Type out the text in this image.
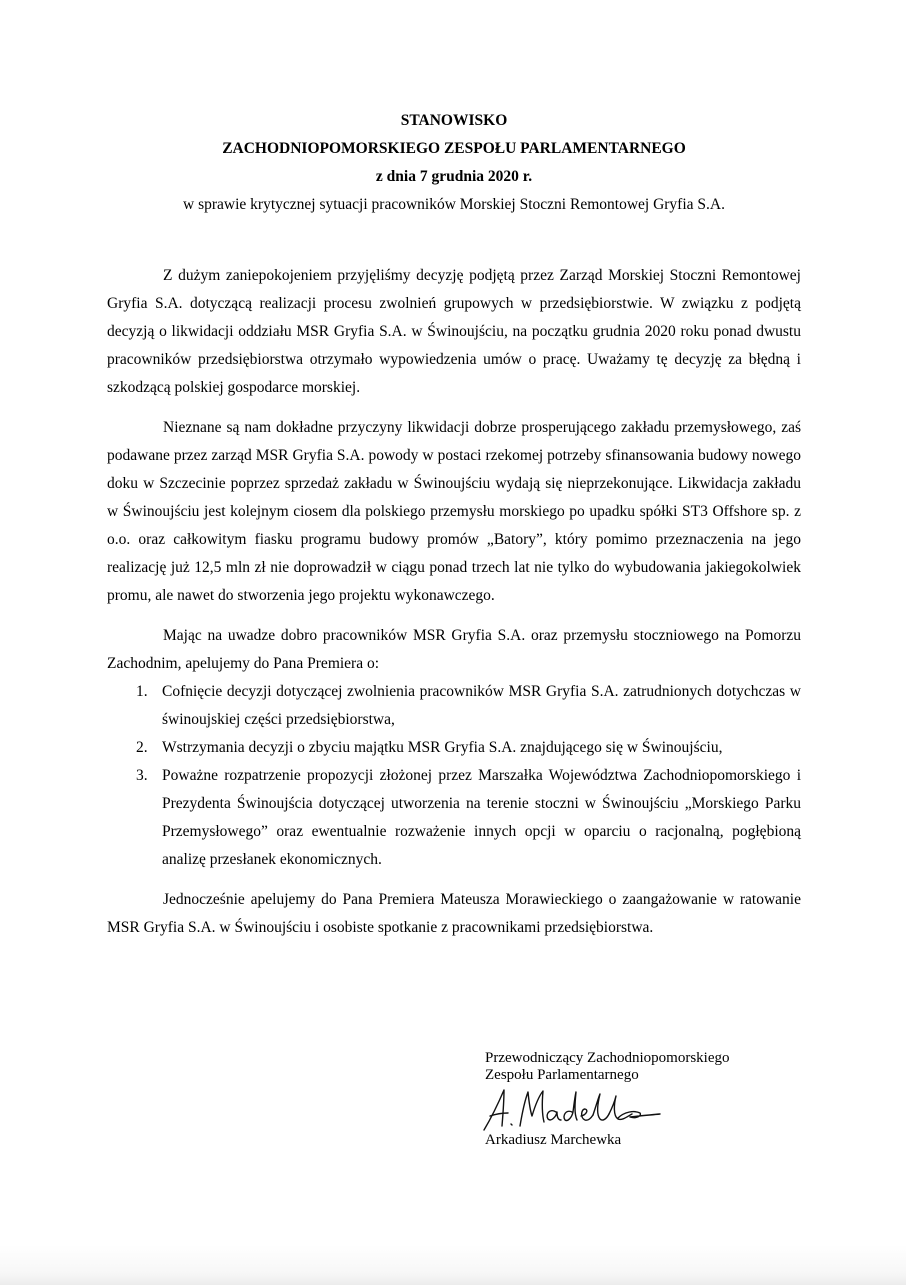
STANOWISKO
ZACHODNIOPOMORSKIEGO ZESPOŁU PARLAMENTARNEGO
z dnia 7 grudnia 2020 r.
w sprawie krytycznej sytuacji pracowników Morskiej Stoczni Remontowej Gryfia S.A.

Z dużym zaniepokojeniem przyjęliśmy decyzję podjętą przez Zarząd Morskiej Stoczni Remontowej Gryfia S.A. dotyczącą realizacji procesu zwolnień grupowych w przedsiębiorstwie. W związku z podjętą decyzją o likwidacji oddziału MSR Gryfia S.A. w Świnoujściu, na początku grudnia 2020 roku ponad dwustu pracowników przedsiębiorstwa otrzymało wypowiedzenia umów o pracę. Uważamy tę decyzję za błędną i szkodzącą polskiej gospodarce morskiej.

Nieznane są nam dokładne przyczyny likwidacji dobrze prosperującego zakładu przemysłowego, zaś podawane przez zarząd MSR Gryfia S.A. powody w postaci rzekomej potrzeby sfinansowania budowy nowego doku w Szczecinie poprzez sprzedaż zakładu w Świnoujściu wydają się nieprzekonujące. Likwidacja zakładu w Świnoujściu jest kolejnym ciosem dla polskiego przemysłu morskiego po upadku spółki ST3 Offshore sp. z o.o. oraz całkowitym fiasku programu budowy promów „Batory”, który pomimo przeznaczenia na jego realizację już 12,5 mln zł nie doprowadził w ciągu ponad trzech lat nie tylko do wybudowania jakiegokolwiek promu, ale nawet do stworzenia jego projektu wykonawczego.

Mając na uwadze dobro pracowników MSR Gryfia S.A. oraz przemysłu stoczniowego na Pomorzu Zachodnim, apelujemy do Pana Premiera o:

1. Cofnięcie decyzji dotyczącej zwolnienia pracowników MSR Gryfia S.A. zatrudnionych dotychczas w świnoujskiej części przedsiębiorstwa,
2. Wstrzymania decyzji o zbyciu majątku MSR Gryfia S.A. znajdującego się w Świnoujściu,
3. Poważne rozpatrzenie propozycji złożonej przez Marszałka Województwa Zachodniopomorskiego i Prezydenta Świnoujścia dotyczącej utworzenia na terenie stoczni w Świnoujściu „Morskiego Parku Przemysłowego” oraz ewentualnie rozważenie innych opcji w oparciu o racjonalną, pogłębioną analizę przesłanek ekonomicznych.

Jednocześnie apelujemy do Pana Premiera Mateusza Morawieckiego o zaangażowanie w ratowanie MSR Gryfia S.A. w Świnoujściu i osobiste spotkanie z pracownikami przedsiębiorstwa.

Przewodniczący Zachodniopomorskiego
Zespołu Parlamentarnego
Arkadiusz Marchewka
